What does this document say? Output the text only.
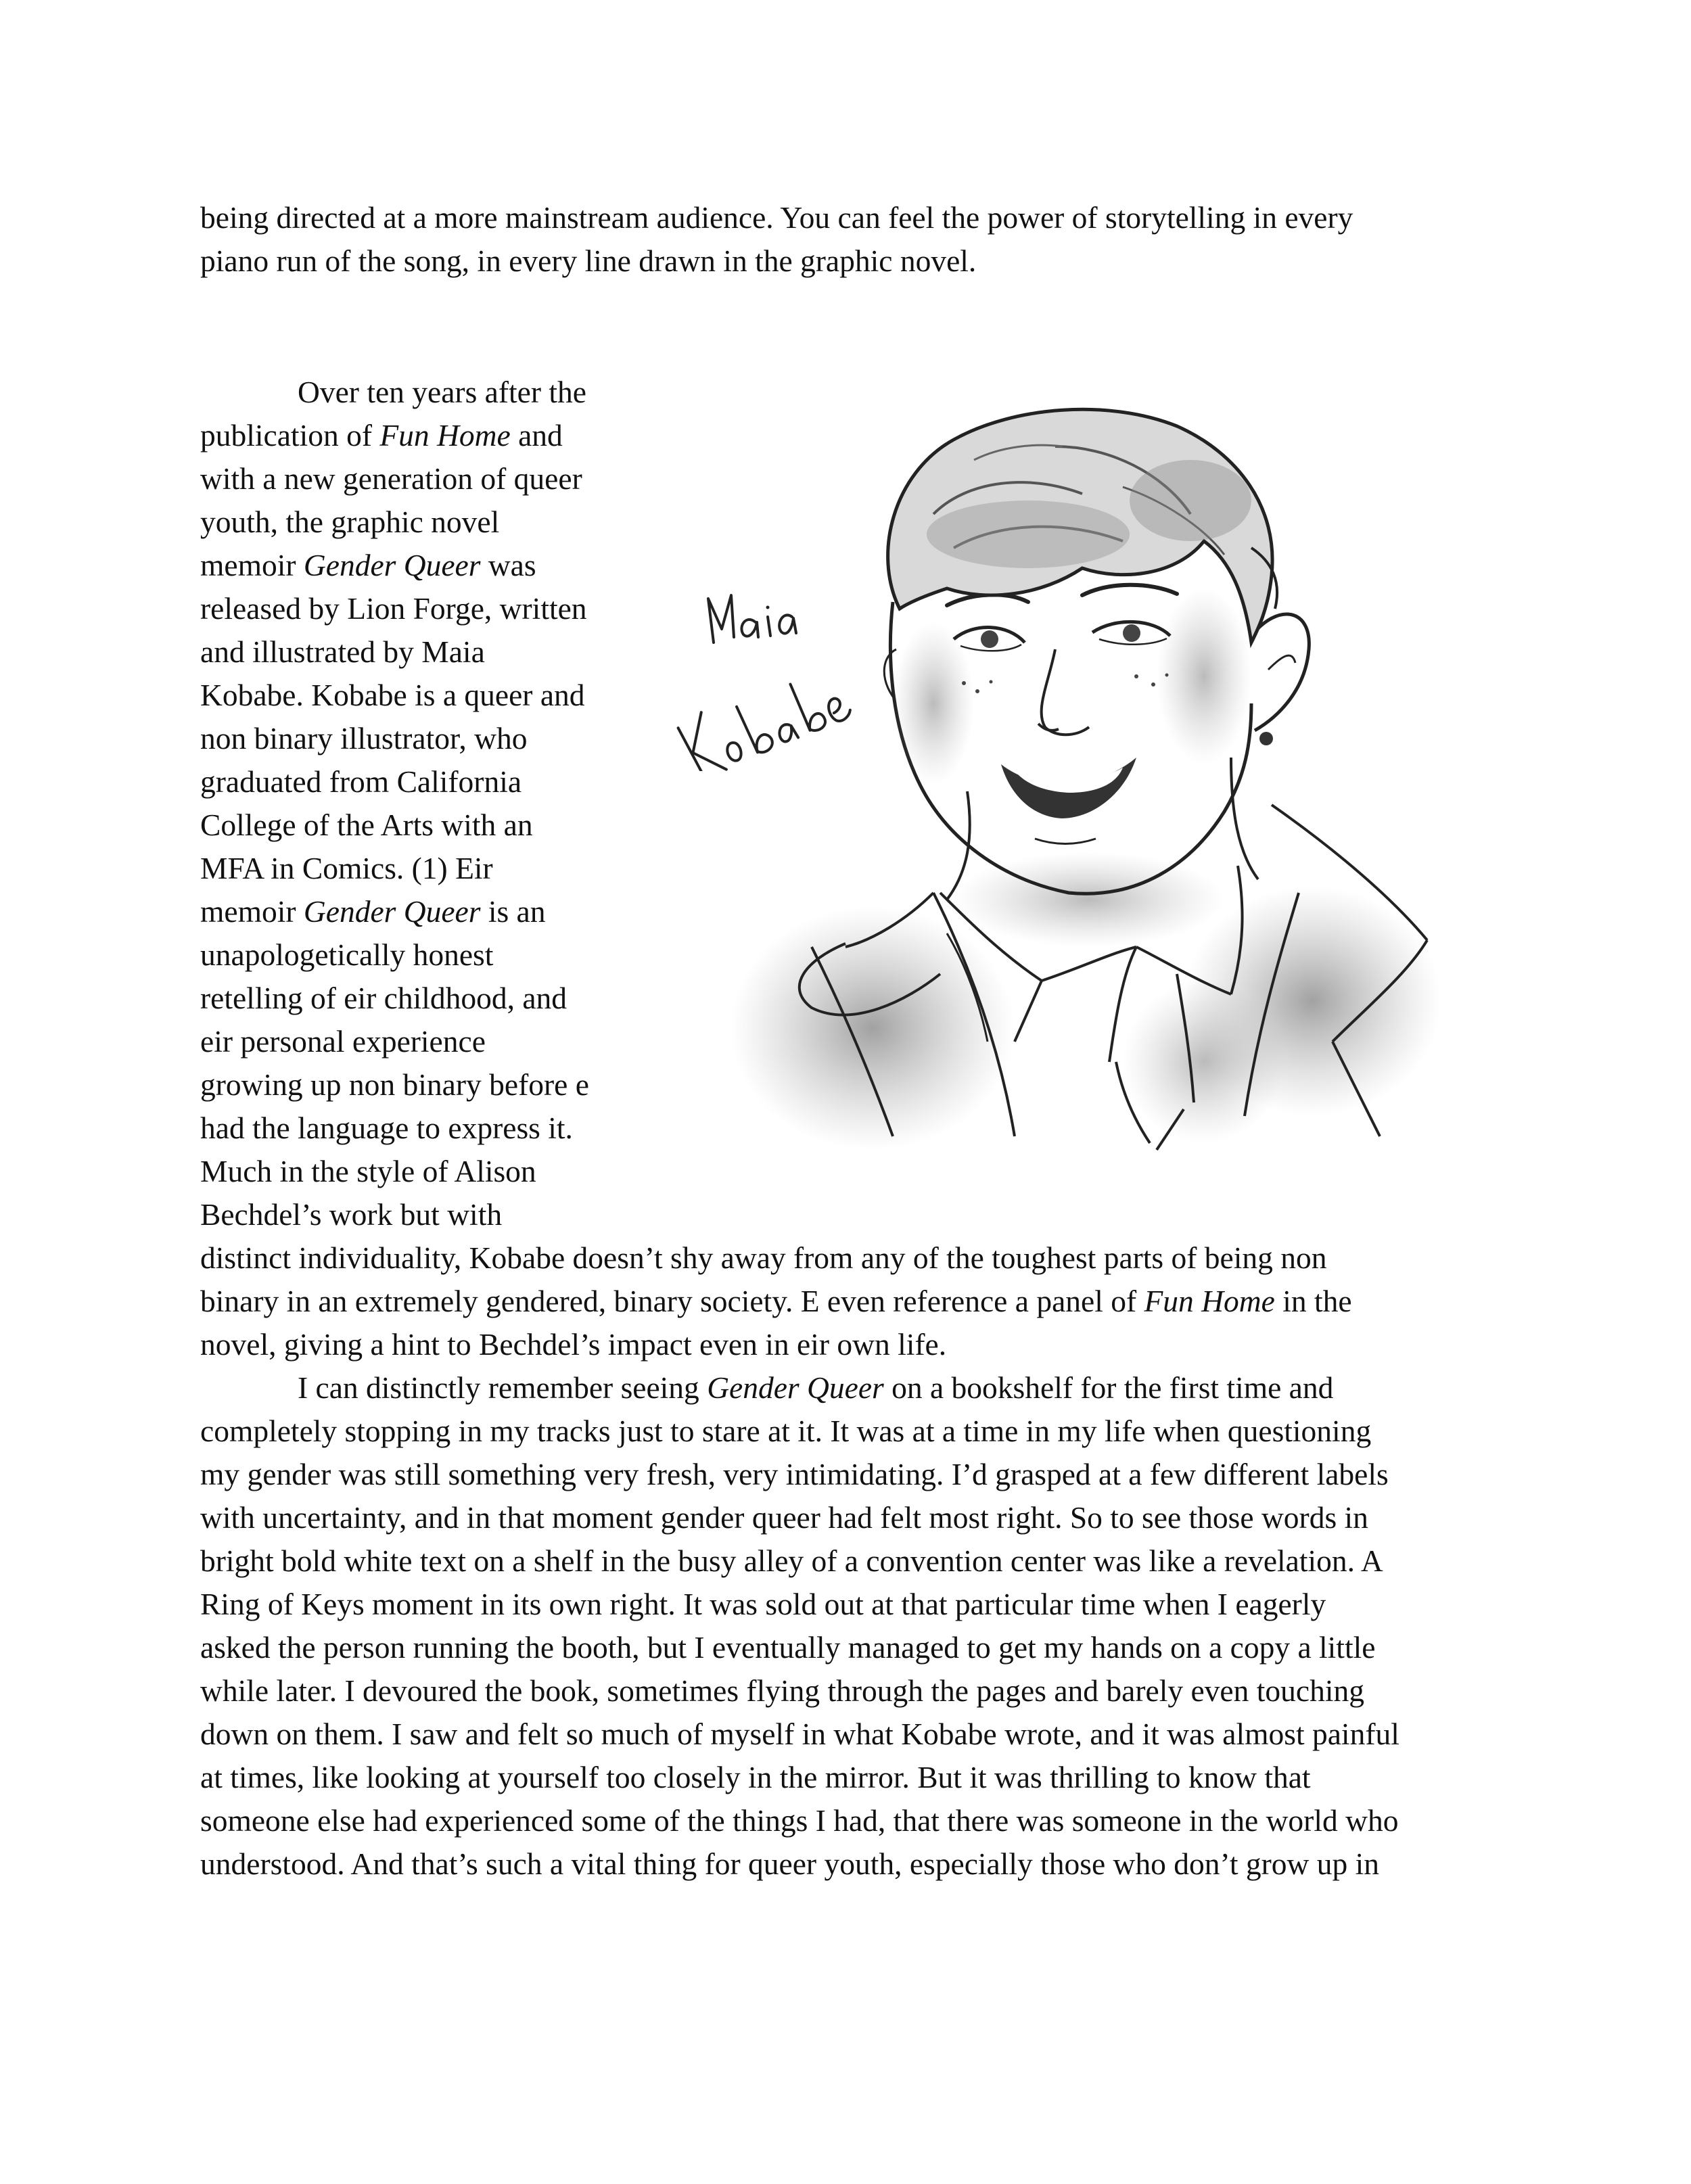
being directed at a more mainstream audience. You can feel the power of storytelling in every

piano run of the song, in every line drawn in the graphic novel.

Over ten years after the

publication of Fun Home and

with a new generation of queer

youth, the graphic novel

memoir Gender Queer was

released by Lion Forge, written

and illustrated by Maia

Kobabe. Kobabe is a queer and

non binary illustrator, who

graduated from California

College of the Arts with an

MFA in Comics. (1) Eir

memoir Gender Queer is an

unapologetically honest

retelling of eir childhood, and

eir personal experience

growing up non binary before e

had the language to express it.

Much in the style of Alison

Bechdel’s work but with

distinct individuality, Kobabe doesn’t shy away from any of the toughest parts of being non

binary in an extremely gendered, binary society. E even reference a panel of Fun Home in the

novel, giving a hint to Bechdel’s impact even in eir own life.

I can distinctly remember seeing Gender Queer on a bookshelf for the first time and

completely stopping in my tracks just to stare at it. It was at a time in my life when questioning

my gender was still something very fresh, very intimidating. I’d grasped at a few different labels

with uncertainty, and in that moment gender queer had felt most right. So to see those words in

bright bold white text on a shelf in the busy alley of a convention center was like a revelation. A

Ring of Keys moment in its own right. It was sold out at that particular time when I eagerly

asked the person running the booth, but I eventually managed to get my hands on a copy a little

while later. I devoured the book, sometimes flying through the pages and barely even touching

down on them. I saw and felt so much of myself in what Kobabe wrote, and it was almost painful

at times, like looking at yourself too closely in the mirror. But it was thrilling to know that

someone else had experienced some of the things I had, that there was someone in the world who

understood. And that’s such a vital thing for queer youth, especially those who don’t grow up in
